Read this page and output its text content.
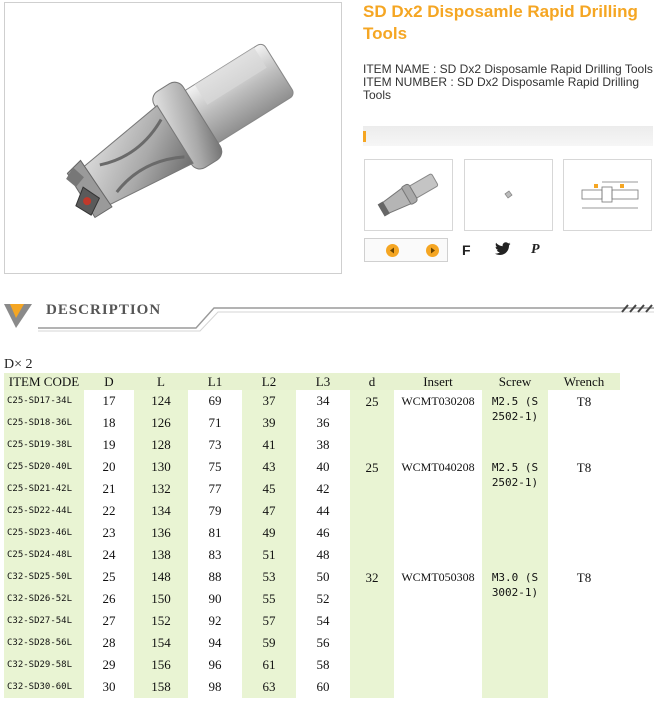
SD Dx2 Disposamle Rapid Drilling Tools
ITEM NAME : SD Dx2 Disposamle Rapid Drilling Tools
ITEM NUMBER : SD Dx2 Disposamle Rapid Drilling Tools
F	P
DESCRIPTION
D× 2
ITEM CODE	D	L	L1	L2	L3	d	Insert	Screw	Wrench
C25-SD17-34L	17	124	69	37	34	25	WCMT030208	M2.5 (S2502-1)	T8
C25-SD18-36L	18	126	71	39	36				
C25-SD19-38L	19	128	73	41	38				
C25-SD20-40L	20	130	75	43	40	25	WCMT040208	M2.5 (S2502-1)	T8
C25-SD21-42L	21	132	77	45	42				
C25-SD22-44L	22	134	79	47	44				
C25-SD23-46L	23	136	81	49	46				
C25-SD24-48L	24	138	83	51	48				
C32-SD25-50L	25	148	88	53	50	32	WCMT050308	M3.0 (S3002-1)	T8
C32-SD26-52L	26	150	90	55	52				
C32-SD27-54L	27	152	92	57	54				
C32-SD28-56L	28	154	94	59	56				
C32-SD29-58L	29	156	96	61	58				
C32-SD30-60L	30	158	98	63	60				
